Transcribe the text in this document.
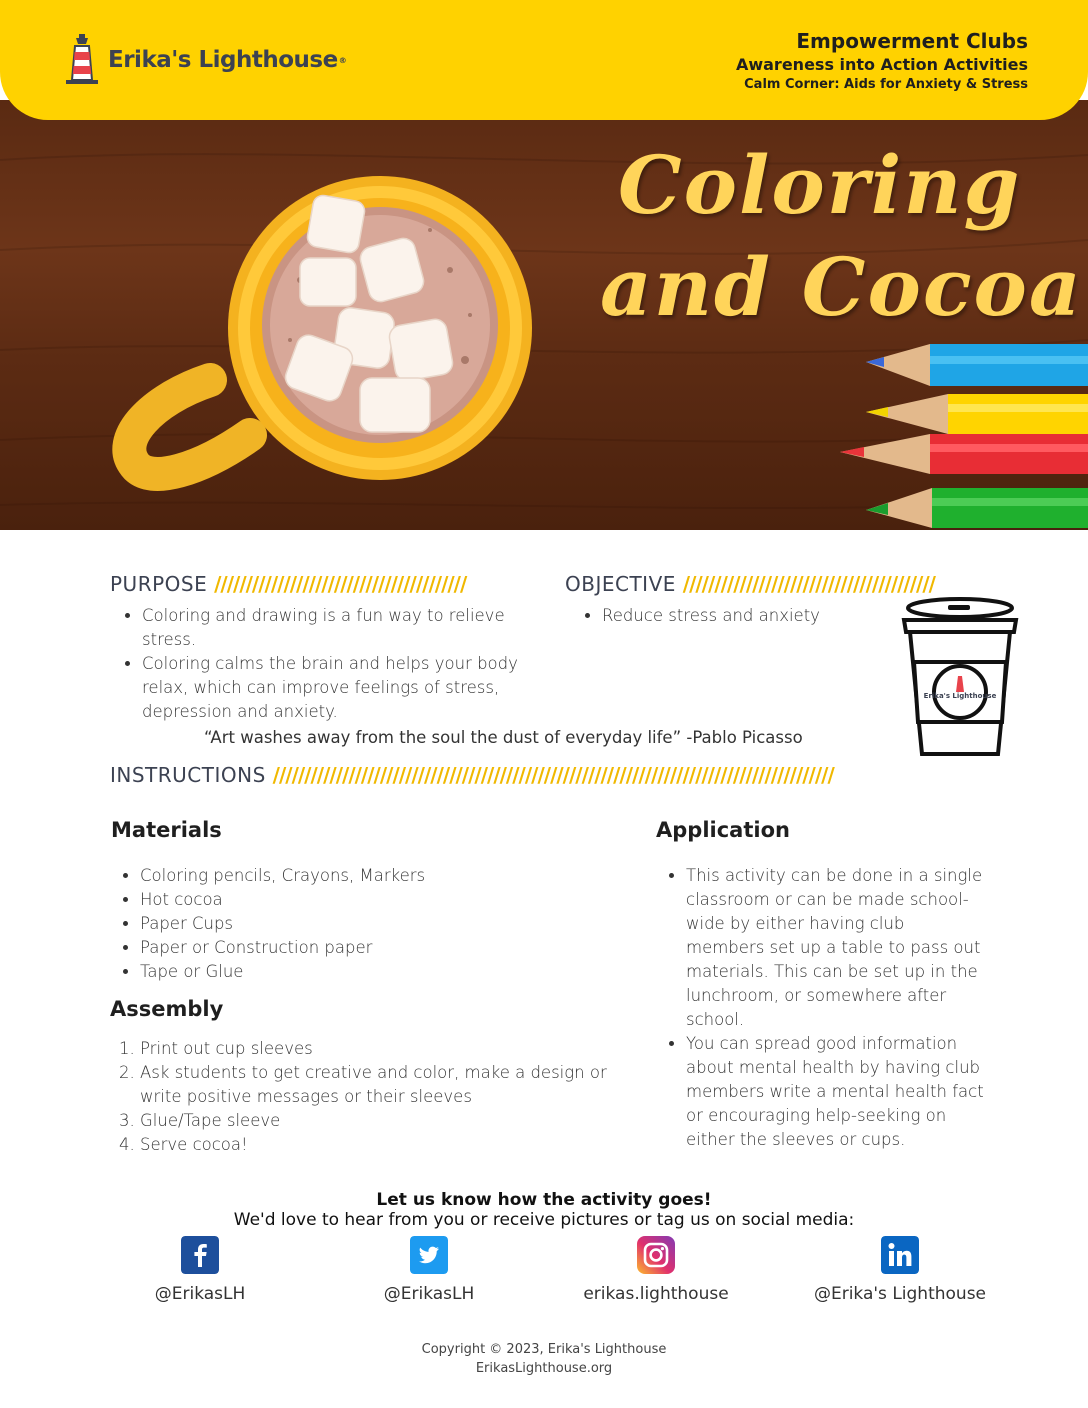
Erika's Lighthouse ®
Empowerment Clubs
Awareness into Action Activities
Calm Corner: Aids for Anxiety & Stress
Coloring
and Cocoa
PURPOSE ////////////////////////////////////////
• Coloring and drawing is a fun way to relieve stress.
• Coloring calms the brain and helps your body relax, which can improve feelings of stress, depression and anxiety.
OBJECTIVE ////////////////////////////////////////
• Reduce stress and anxiety
Erika's Lighthouse
“Art washes away from the soul the dust of everyday life” -Pablo Picasso
INSTRUCTIONS /////////////////////////////////////////////////////////////////////////////////////////
Materials
• Coloring pencils, Crayons, Markers
• Hot cocoa
• Paper Cups
• Paper or Construction paper
• Tape or Glue
Assembly
1. Print out cup sleeves
2. Ask students to get creative and color, make a design or write positive messages or their sleeves
3. Glue/Tape sleeve
4. Serve cocoa!
Application
• This activity can be done in a single classroom or can be made school-wide by either having club members set up a table to pass out materials. This can be set up in the lunchroom, or somewhere after school.
• You can spread good information about mental health by having club members write a mental health fact or encouraging help-seeking on either the sleeves or cups.
Let us know how the activity goes!
We'd love to hear from you or receive pictures or tag us on social media:
@ErikasLH	@ErikasLH	erikas.lighthouse	@Erika's Lighthouse
Copyright © 2023, Erika's Lighthouse
ErikasLighthouse.org
